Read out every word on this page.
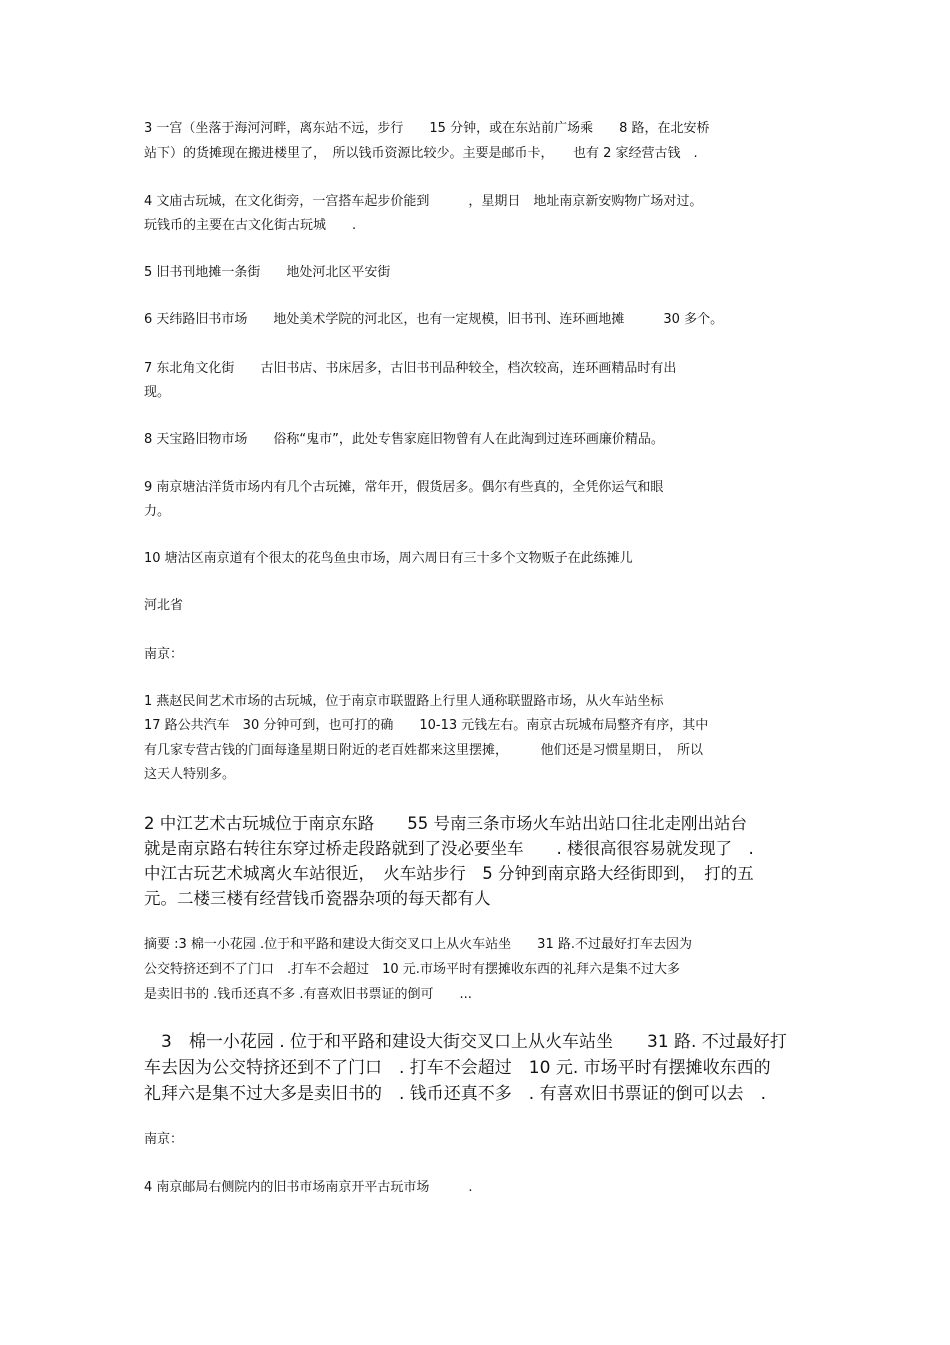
3 一宫（坐落于海河河畔，离东站不远，步行　　15 分钟，或在东站前广场乘　　8 路，在北安桥
站下）的货摊现在搬进楼里了，　所以钱币资源比较少。主要是邮币卡，　　也有 2 家经营古钱　.
4 文庙古玩城，在文化街旁，一宫搭车起步价能到　　　，星期日　地址南京新安购物广场对过。
玩钱币的主要在古文化街古玩城　　.
5 旧书刊地摊一条街　　地处河北区平安街
6 天纬路旧书市场　　地处美术学院的河北区，也有一定规模，旧书刊、连环画地摊　　　30 多个。
7 东北角文化街　　古旧书店、书床居多，古旧书刊品种较全，档次较高，连环画精品时有出
现。
8 天宝路旧物市场　　俗称“鬼市”，此处专售家庭旧物曾有人在此淘到过连环画廉价精品。
9 南京塘沽洋货市场内有几个古玩摊，常年开，假货居多。偶尔有些真的，全凭你运气和眼
力。
10 塘沽区南京道有个很太的花鸟鱼虫市场，周六周日有三十多个文物贩子在此练摊儿
河北省
南京：
1 燕赵民间艺术市场的古玩城，位于南京市联盟路上行里人通称联盟路市场，从火车站坐标
17 路公共汽车　30 分钟可到，也可打的确　　10-13 元钱左右。南京古玩城布局整齐有序，其中
有几家专营古钱的门面每逢星期日附近的老百姓都来这里摆摊，　　　他们还是习惯星期日，　所以
这天人特别多。
2 中江艺术古玩城位于南京东路　　55 号南三条市场火车站出站口往北走刚出站台
就是南京路右转往东穿过桥走段路就到了没必要坐车　　. 楼很高很容易就发现了　.
中江古玩艺术城离火车站很近，　火车站步行　5 分钟到南京路大经街即到，　打的五
元。二楼三楼有经营钱币瓷器杂项的每天都有人
摘要 :3 棉一小花园 .位于和平路和建设大街交叉口上从火车站坐　　31 路.不过最好打车去因为
公交特挤还到不了门口　.打车不会超过　10 元.市场平时有摆摊收东西的礼拜六是集不过大多
是卖旧书的 .钱币还真不多 .有喜欢旧书票证的倒可　　...
　3　棉一小花园 . 位于和平路和建设大街交叉口上从火车站坐　　31 路. 不过最好打
车去因为公交特挤还到不了门口　. 打车不会超过　10 元. 市场平时有摆摊收东西的
礼拜六是集不过大多是卖旧书的　. 钱币还真不多　. 有喜欢旧书票证的倒可以去　.
南京：
4 南京邮局右侧院内的旧书市场南京开平古玩市场　　　.
